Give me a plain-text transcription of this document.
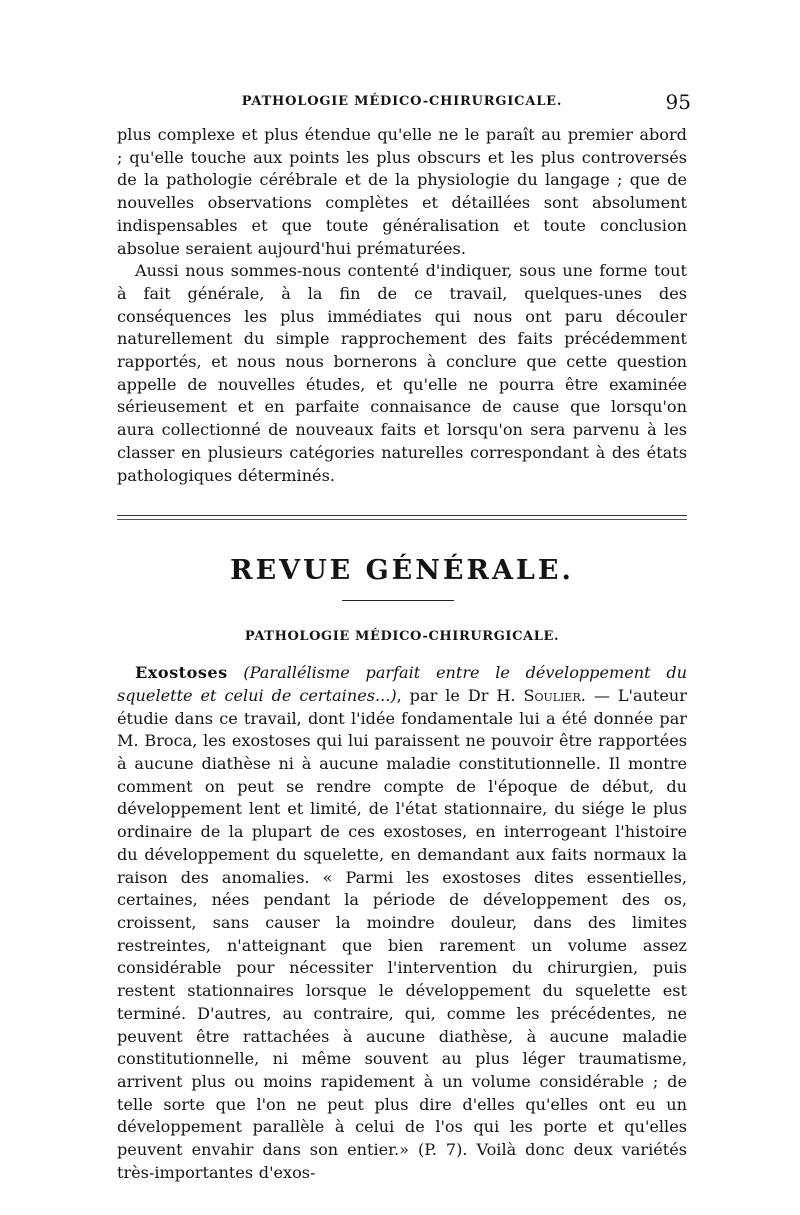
PATHOLOGIE MÉDICO-CHIRURGICALE.	95

plus complexe et plus étendue qu'elle ne le paraît au premier abord ; qu'elle touche aux points les plus obscurs et les plus controversés de la pathologie cérébrale et de la physiologie du langage ; que de nouvelles observations complètes et détaillées sont absolument indispensables et que toute généralisation et toute conclusion absolue seraient aujourd'hui prématurées.

Aussi nous sommes-nous contenté d'indiquer, sous une forme tout à fait générale, à la fin de ce travail, quelques-unes des conséquences les plus immédiates qui nous ont paru découler naturellement du simple rapprochement des faits précédemment rapportés, et nous nous bornerons à conclure que cette question appelle de nouvelles études, et qu'elle ne pourra être examinée sérieusement et en parfaite connaisance de cause que lorsqu'on aura collectionné de nouveaux faits et lorsqu'on sera parvenu à les classer en plusieurs catégories naturelles correspondant à des états pathologiques déterminés.

REVUE GÉNÉRALE.
PATHOLOGIE MÉDICO-CHIRURGICALE.

Exostoses (Parallélisme parfait entre le développement du squelette et celui de certaines...), par le Dr H. Soulier. — L'auteur étudie dans ce travail, dont l'idée fondamentale lui a été donnée par M. Broca, les exostoses qui lui paraissent ne pouvoir être rapportées à aucune diathèse ni à aucune maladie constitutionnelle. Il montre comment on peut se rendre compte de l'époque de début, du développement lent et limité, de l'état stationnaire, du siége le plus ordinaire de la plupart de ces exostoses, en interrogeant l'histoire du développement du squelette, en demandant aux faits normaux la raison des anomalies. « Parmi les exostoses dites essentielles, certaines, nées pendant la période de développement des os, croissent, sans causer la moindre douleur, dans des limites restreintes, n'atteignant que bien rarement un volume assez considérable pour nécessiter l'intervention du chirurgien, puis restent stationnaires lorsque le développement du squelette est terminé. D'autres, au contraire, qui, comme les précédentes, ne peuvent être rattachées à aucune diathèse, à aucune maladie constitutionnelle, ni même souvent au plus léger traumatisme, arrivent plus ou moins rapidement à un volume considérable ; de telle sorte que l'on ne peut plus dire d'elles qu'elles ont eu un développement parallèle à celui de l'os qui les porte et qu'elles peuvent envahir dans son entier.» (P. 7). Voilà donc deux variétés très-importantes d'exos-
